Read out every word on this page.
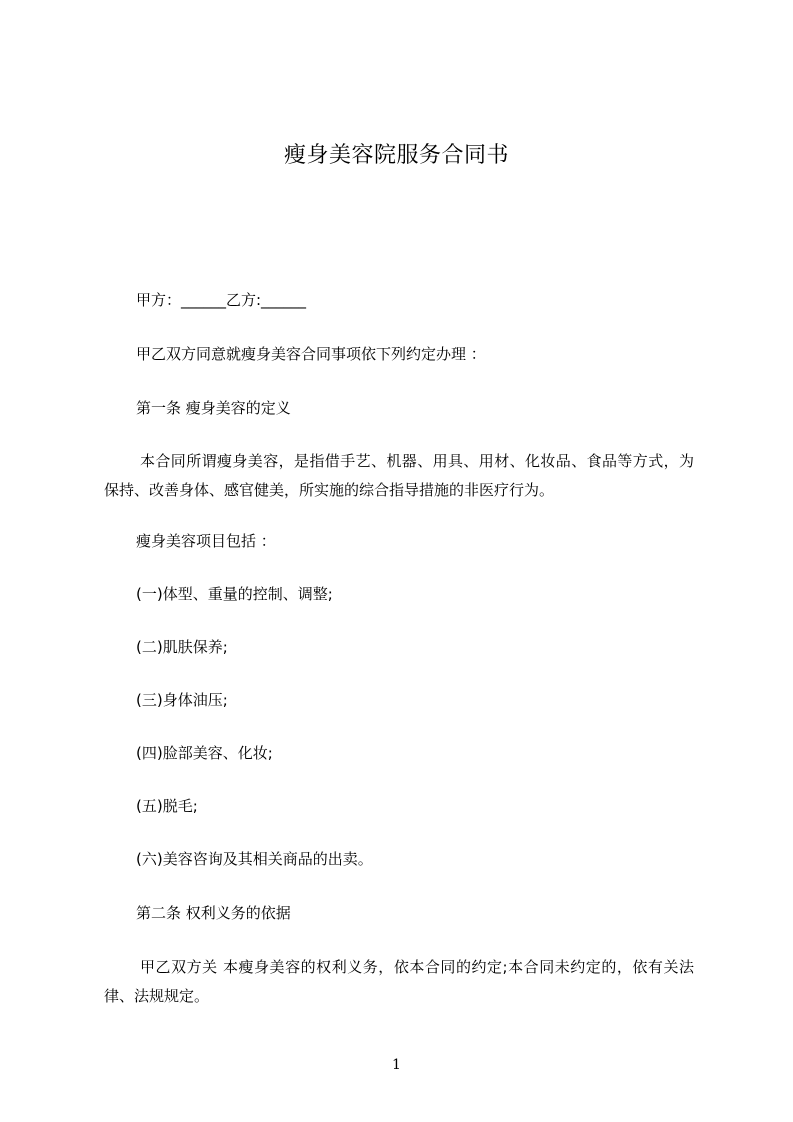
瘦身美容院服务合同书
甲方：______乙方:______
甲乙双方同意就瘦身美容合同事项依下列约定办理 ：
第一条 瘦身美容的定义
本合同所谓瘦身美容，是指借手艺、机器、用具、用材、化妆品、食品等方式，为保持、改善身体、感官健美，所实施的综合指导措施的非医疗行为。
瘦身美容项目包括 ：
(一)体型、重量的控制、调整;
(二)肌肤保养;
(三)身体油压;
(四)脸部美容、化妆;
(五)脱毛;
(六)美容咨询及其相关商品的出卖。
第二条 权利义务的依据
甲乙双方关 本瘦身美容的权利义务，依本合同的约定;本合同未约定的，依有关法律、法规规定。
1
